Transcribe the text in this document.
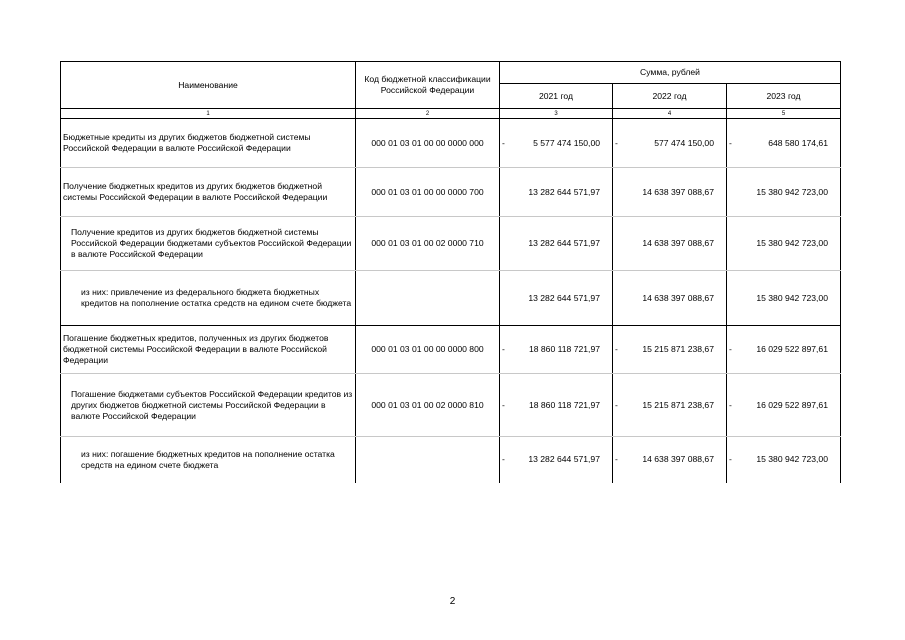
Наименование	Код бюджетной классификации Российской Федерации	Сумма, рублей		
		2021 год	2022 год	2023 год
1	2	3	4	5
Бюджетные кредиты из других бюджетов бюджетной системы Российской Федерации в валюте Российской Федерации	000 01 03 01 00 00 0000 000	- 5 577 474 150,00	- 577 474 150,00	- 648 580 174,61
Получение бюджетных кредитов из других бюджетов бюджетной системы Российской Федерации в валюте Российской Федерации	000 01 03 01 00 00 0000 700	13 282 644 571,97	14 638 397 088,67	15 380 942 723,00
Получение кредитов из других бюджетов бюджетной системы Российской Федерации бюджетами субъектов Российской Федерации в валюте Российской Федерации	000 01 03 01 00 02 0000 710	13 282 644 571,97	14 638 397 088,67	15 380 942 723,00
из них: привлечение из федерального бюджета бюджетных кредитов на пополнение остатка средств на едином счете бюджета		13 282 644 571,97	14 638 397 088,67	15 380 942 723,00
Погашение бюджетных кредитов, полученных из других бюджетов бюджетной системы Российской Федерации в валюте Российской Федерации	000 01 03 01 00 00 0000 800	- 18 860 118 721,97	- 15 215 871 238,67	- 16 029 522 897,61
Погашение бюджетами субъектов Российской Федерации кредитов из других бюджетов бюджетной системы Российской Федерации в валюте Российской Федерации	000 01 03 01 00 02 0000 810	- 18 860 118 721,97	- 15 215 871 238,67	- 16 029 522 897,61
из них: погашение бюджетных кредитов на пополнение остатка средств на едином счете бюджета		- 13 282 644 571,97	- 14 638 397 088,67	- 15 380 942 723,00
2
